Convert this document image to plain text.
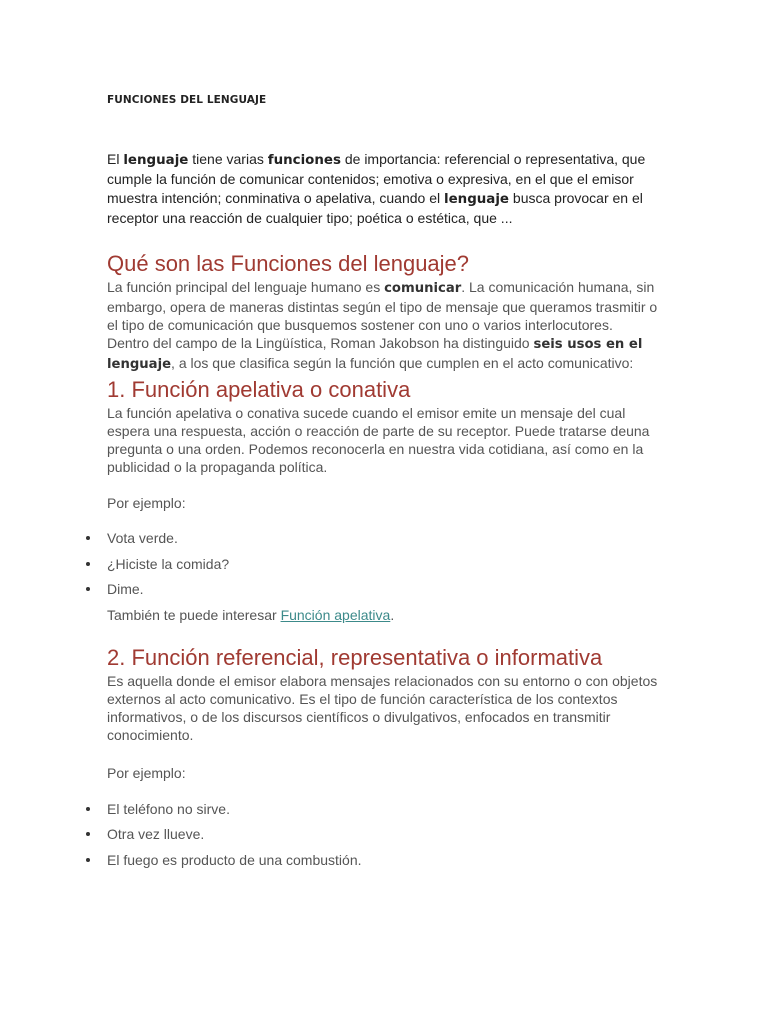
FUNCIONES DEL LENGUAJE

El lenguaje tiene varias funciones de importancia: referencial o representativa, que cumple la función de comunicar contenidos; emotiva o expresiva, en el que el emisor muestra intención; conminativa o apelativa, cuando el lenguaje busca provocar en el receptor una reacción de cualquier tipo; poética o estética, que ...

Qué son las Funciones del lenguaje?

La función principal del lenguaje humano es comunicar. La comunicación humana, sin embargo, opera de maneras distintas según el tipo de mensaje que queramos trasmitir o el tipo de comunicación que busquemos sostener con uno o varios interlocutores.

Dentro del campo de la Lingüística, Roman Jakobson ha distinguido seis usos en el lenguaje, a los que clasifica según la función que cumplen en el acto comunicativo:

1. Función apelativa o conativa

La función apelativa o conativa sucede cuando el emisor emite un mensaje del cual espera una respuesta, acción o reacción de parte de su receptor. Puede tratarse deuna pregunta o una orden. Podemos reconocerla en nuestra vida cotidiana, así como en la publicidad o la propaganda política.

Por ejemplo:

Vota verde.
¿Hiciste la comida?
Dime.

También te puede interesar Función apelativa.

2. Función referencial, representativa o informativa

Es aquella donde el emisor elabora mensajes relacionados con su entorno o con objetos externos al acto comunicativo. Es el tipo de función característica de los contextos informativos, o de los discursos científicos o divulgativos, enfocados en transmitir conocimiento.

Por ejemplo:

El teléfono no sirve.
Otra vez llueve.
El fuego es producto de una combustión.
